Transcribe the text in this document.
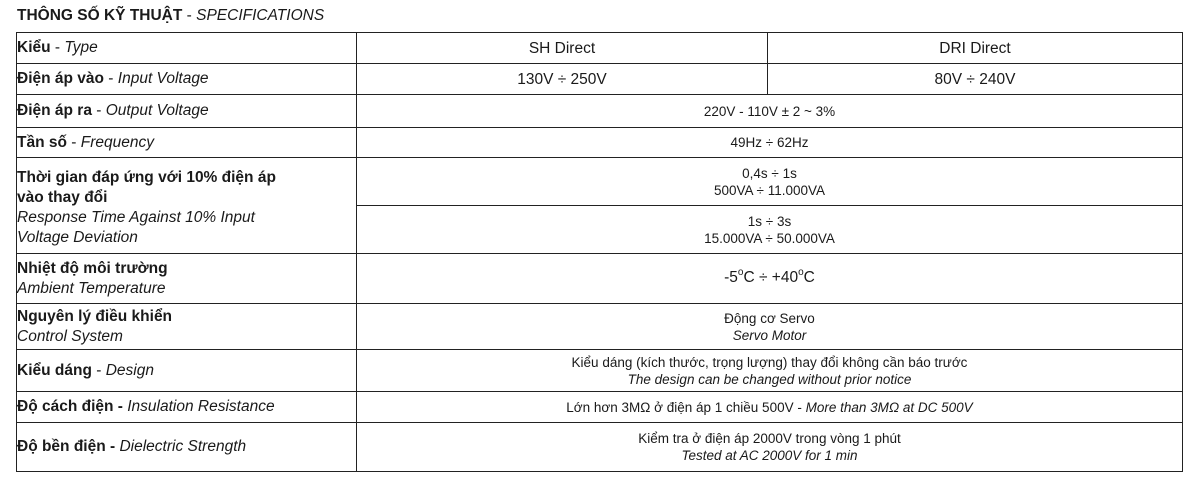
THÔNG SỐ KỸ THUẬT - SPECIFICATIONS
Kiểu - Type	SH Direct	DRI Direct
Điện áp vào - Input Voltage	130V ÷ 250V	80V ÷ 240V
Điện áp ra - Output Voltage	220V - 110V ± 2 ~ 3%	
Tần số - Frequency	49Hz ÷ 62Hz	

Thời gian đáp ứng với 10% điện áp
vào thay đổi
Response Time Against 10% Input
Voltage Deviation	0,4s ÷ 1s
500VA ÷ 11.000VA	

	1s ÷ 3s
15.000VA ÷ 50.000VA	

Nhiệt độ môi trường
Ambient Temperature	$-5^oC \div +40^oC$	

Nguyên lý điều khiển
Control System	Động cơ Servo
Servo Motor	

Kiểu dáng - Design	Kiểu dáng (kích thước, trọng lượng) thay đổi không cần báo trước
The design can be changed without prior notice	

Độ cách điện - Insulation Resistance	Lớn hơn 3MΩ ở điện áp 1 chiều 500V - More than 3MΩ at DC 500V	
Độ bền điện - Dielectric Strength	Kiểm tra ở điện áp 2000V trong vòng 1 phút
Tested at AC 2000V for 1 min	
